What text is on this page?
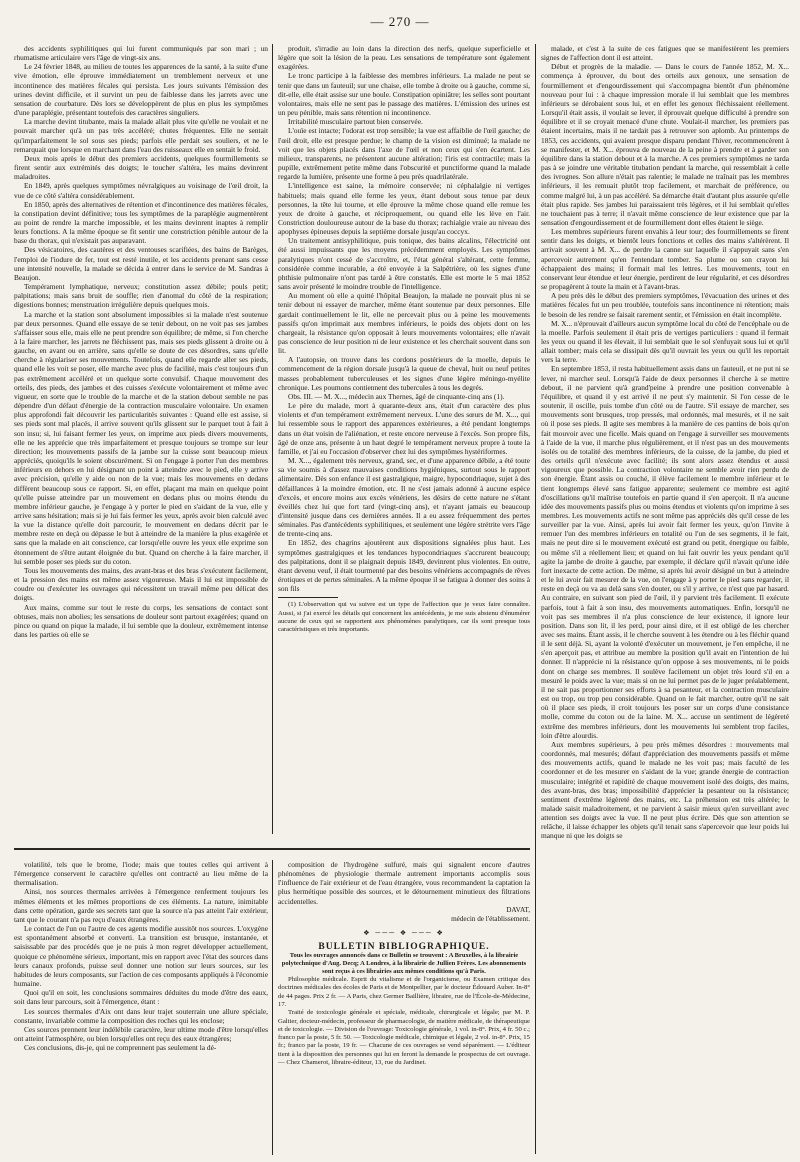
— 270 —

des accidents syphilitiques qui lui furent communiqués par son mari ; un rhumatisme articulaire vers l'âge de vingt-six ans.

Le 24 février 1848, au milieu de toutes les apparences de la santé, à la suite d'une vive émotion, elle éprouve immédiatement un tremblement nerveux et une incontinence des matières fécales qui persista. Les jours suivants l'émission des urines devint difficile, et il survint un peu de faiblesse dans les jarrets avec une sensation de courbature. Dès lors se développèrent de plus en plus les symptômes d'une paraplégie, présentant toutefois des caractères singuliers.

La marche devint titubante, mais la malade allait plus vite qu'elle ne voulait et ne pouvait marcher qu'à un pas très accéléré; chutes fréquentes. Elle ne sentait qu'imparfaitement le sol sous ses pieds; parfois elle perdait ses souliers, et ne le remarquait que lorsque en marchant dans l'eau des ruisseaux elle en sentait le froid.

Deux mois après le début des premiers accidents, quelques fourmillements se firent sentir aux extrémités des doigts; le toucher s'altéra, les mains devinrent maladroites.

En 1849, après quelques symptômes névralgiques au voisinage de l'œil droit, la vue de ce côté s'altéra considérablement.

En 1850, après des alternatives de rétention et d'incontinence des matières fécales, la constipation devint définitive; tous les symptômes de la paraplégie augmentèrent au point de rendre la marche impossible, et les mains devinrent inaptes à remplir leurs fonctions. A la même époque se fit sentir une constriction pénible autour de la base du thorax, qui n'existait pas auparavant.

Des vésicatoires, des cautères et des ventouses scarifiées, des bains de Barèges, l'emploi de l'iodure de fer, tout est resté inutile, et les accidents prenant sans cesse une intensité nouvelle, la malade se décida à entrer dans le service de M. Sandras à Beaujon.

Tempérament lymphatique, nerveux; constitution assez débile; pouls petit; palpitations; mais sans bruit de souffle; rien d'anomal du côté de la respiration; digestions bonnes; menstruation irrégulière depuis quelques mois.

La marche et la station sont absolument impossibles si la malade n'est soutenue par deux personnes. Quand elle essaye de se tenir debout, on ne voit pas ses jambes s'affaisser sous elle, mais elle ne peut prendre son équilibre; de même, si l'on cherche à la faire marcher, les jarrets ne fléchissent pas, mais ses pieds glissent à droite ou à gauche, en avant ou en arrière, sans qu'elle se doute de ces désordres, sans qu'elle cherche à régulariser ses mouvements. Toutefois, quand elle regarde aller ses pieds, quand elle les voit se poser, elle marche avec plus de facilité, mais c'est toujours d'un pas extrêmement accéléré et un quelque sorte convulsif. Chaque mouvement des orteils, des pieds, des jambes et des cuisses s'exécute volontairement et même avec vigueur, en sorte que le trouble de la marche et de la station debout semble ne pas dépendre d'un défaut d'énergie de la contraction musculaire volontaire. Un examen plus approfondi fait découvrir les particularités suivantes : Quand elle est assise, si ses pieds sont mal placés, il arrive souvent qu'ils glissent sur le parquet tout à fait à son insu; si, lui faisant fermer les yeux, on imprime aux pieds divers mouvements, elle ne les apprécie que très imparfaitement et presque toujours se trompe sur leur direction; les mouvements passifs de la jambe sur la cuisse sont beaucoup mieux appréciés, quoiqu'ils le soient obscurément. Si on l'engage à porter l'un des membres inférieurs en dehors en lui désignant un point à atteindre avec le pied, elle y arrive avec précision, qu'elle y aide ou non de la vue; mais les mouvements en dedans diffèrent beaucoup sous ce rapport. Si, en effet, plaçant ma main en quelque point qu'elle puisse atteindre par un mouvement en dedans plus ou moins étendu du membre inférieur gauche, je l'engage à y porter le pied en s'aidant de la vue, elle y arrive sans hésitation; mais si je lui fais fermer les yeux, après avoir bien calculé avec la vue la distance qu'elle doit parcourir, le mouvement en dedans décrit par le membre reste en deçà ou dépasse le but à atteindre de la manière la plus exagérée et sans que la malade en ait conscience, car lorsqu'elle ouvre les yeux elle exprime son étonnement de s'être autant éloignée du but. Quand on cherche à la faire marcher, il lui semble poser ses pieds sur du coton.

Tous les mouvements des mains, des avant-bras et des bras s'exécutent facilement, et la pression des mains est même assez vigoureuse. Mais il lui est impossible de coudre ou d'exécuter les ouvrages qui nécessitent un travail même peu délicat des doigts.

Aux mains, comme sur tout le reste du corps, les sensations de contact sont obtuses, mais non abolies; les sensations de douleur sont partout exagérées; quand on pince ou quand on pique la malade, il lui semble que la douleur, extrêmement intense dans les parties où elle se

produit, s'irradie au loin dans la direction des nerfs, quelque superficielle et légère que soit la lésion de la peau. Les sensations de température sont également exagérées.

Le tronc participe à la faiblesse des membres inférieurs. La malade ne peut se tenir que dans un fauteuil; sur une chaise, elle tombe à droite ou à gauche, comme si, dit-elle, elle était assise sur une boule. Constipation opiniâtre; les selles sont pourtant volontaires, mais elle ne sent pas le passage des matières. L'émission des urines est un peu pénible, mais sans rétention ni incontinence.

Irritabilité musculaire partout bien conservée.

L'ouïe est intacte; l'odorat est trop sensible; la vue est affaiblie de l'œil gauche; de l'œil droit, elle est presque perdue; le champ de la vision est diminué; la malade ne voit que les objets placés dans l'axe de l'œil et non ceux qui s'en écartent. Les milieux, transparents, ne présentent aucune altération; l'iris est contractile; mais la pupille, extrêmement petite même dans l'obscurité et punctiforme quand la malade regarde la lumière, présente une forme à peu près quadrilatérale.

L'intelligence est saine, la mémoire conservée; ni céphalalgie ni vertiges habituels; mais quand elle ferme les yeux, étant debout sous tenue par deux personnes, la tête lui tourne, et elle éprouve la même chose quand elle remue les yeux de droite à gauche, et réciproquement, ou quand elle les lève en l'air. Constriction douloureuse autour de la base du thorax; rachialgie vraie au niveau des apophyses épineuses depuis la septième dorsale jusqu'au coccyx.

Un traitement antisyphilitique, puis tonique, des bains alcalins, l'électricité ont été aussi impuissants que les moyens précédemment employés. Les symptômes paralytiques n'ont cessé de s'accroître, et, l'état général s'altérant, cette femme, considérée comme incurable, a été envoyée à la Salpêtrière, où les signes d'une phthisie pulmonaire n'ont pas tardé à être constatés. Elle est morte le 5 mai 1852 sans avoir présenté le moindre trouble de l'intelligence.

Au moment où elle a quitté l'hôpital Beaujon, la malade ne pouvait plus ni se tenir debout ni essayer de marcher, même étant soutenue par deux personnes. Elle gardait continuellement le lit, elle ne percevait plus ou à peine les mouvements passifs qu'on imprimait aux membres inférieurs, le poids des objets dont on les chargeait, la résistance qu'on opposait à leurs mouvements volontaires; elle n'avait pas conscience de leur position ni de leur existence et les cherchait souvent dans son lit.

A l'autopsie, on trouve dans les cordons postérieurs de la moelle, depuis le commencement de la région dorsale jusqu'à la queue de cheval, huit ou neuf petites masses probablement tuberculeuses et les signes d'une légère méningo-myélite chronique. Les poumons contiennent des tubercules à tous les degrés.

Obs. III. — M. X..., médecin aux Thernes, âgé de cinquante-cinq ans (1).

Le père du malade, mort à quarante-deux ans, était d'un caractère des plus violents et d'un tempérament extrêmement nerveux. L'une des sœurs de M. X..., qui lui ressemble sous le rapport des apparences extérieures, a été pendant longtemps dans un état voisin de l'aliénation, et reste encore nerveuse à l'excès. Son propre fils, âgé de onze ans, présente à un haut degré le tempérament nerveux propre à toute la famille, et j'ai eu l'occasion d'observer chez lui des symptômes hystériformes.

M. X..., également très nerveux, grand, sec, et d'une apparence débile, a été toute sa vie soumis à d'assez mauvaises conditions hygiéniques, surtout sous le rapport alimentaire. Dès son enfance il est gastralgique, maigre, hypocondriaque, sujet à des défaillances à la moindre émotion, etc. Il ne s'est jamais adonné à aucune espèce d'excès, et encore moins aux excès vénériens, les désirs de cette nature ne s'étant éveillés chez lui que fort tard (vingt-cinq ans), et n'ayant jamais eu beaucoup d'intensité jusque dans ces dernières années. Il a eu assez fréquemment des pertes séminales. Pas d'antécédents syphilitiques, et seulement une légère strétrite vers l'âge de trente-cinq ans.

En 1852, des chagrins ajoutèrent aux dispositions signalées plus haut. Les symptômes gastralgiques et les tendances hypocondriaques s'accrurent beaucoup; des palpitations, dont il se plaignait depuis 1849, devinrent plus violentes. En outre, étant devenu veuf, il était tourmenté par des besoins vénériens accompagnés de rêves érotiques et de pertes séminales. A la même époque il se fatigua à donner des soins à son fils

(1) L'observation qui va suivre est un type de l'affection que je veux faire connaître. Aussi, si j'ai exercé les détails qui concernent les antécédents, je me suis abstenu d'énumérer aucune de ceux qui se rapportent aux phénomènes paralytiques, car ils sont presque tous caractéristiques et très importants.

malade, et c'est à la suite de ces fatigues que se manifestèrent les premiers signes de l'affection dont il est atteint.

Début et progrès de la maladie. — Dans le cours de l'année 1852, M. X... commença à éprouver, du bout des orteils aux genoux, une sensation de fourmillement et d'engourdissement qui s'accompagna bientôt d'un phénomène nouveau pour lui : à chaque impression morale il lui semblait que les membres inférieurs se dérobaient sous lui, et en effet les genoux fléchissaient réellement. Lorsqu'il était assis, il voulait se lever, il éprouvait quelque difficulté à prendre son équilibre et il se croyait menacé d'une chute. Voulait-il marcher, les premiers pas étaient incertains, mais il ne tardait pas à retrouver son aplomb. Au printemps de 1853, ces accidents, qui avaient presque disparu pendant l'hiver, recommencèrent à se manifester, et M. X... éprouva de nouveau de la peine à prendre et à garder son équilibre dans la station debout et à la marche. A ces premiers symptômes ne tarda pas à se joindre une véritable titubation pendant la marche, qui ressemblait à celle des ivrognes. Son allure n'était pas ralentie; le malade ne traînait pas les membres inférieurs, il les remuait plutôt trop facilement, et marchait de préférence, ou comme malgré lui, à un pas accéléré. Sa démarche était d'autant plus assurée qu'elle était plus rapide. Ses jambes lui paraissaient très légères, et il lui semblait qu'elles ne touchaient pas à terre; il n'avait même conscience de leur existence que par la sensation d'engourdissement et de fourmillement dont elles étaient le siège.

Les membres supérieurs furent envahis à leur tour; des fourmillements se firent sentir dans les doigts, et bientôt leurs fonctions et celles des mains s'altérèrent. Il arrivait souvent à M. X... de perdre la canne sur laquelle il s'appuyait sans s'en apercevoir autrement qu'en l'entendant tomber. Sa plume ou son crayon lui échappaient des mains; il formait mal les lettres. Les mouvements, tout en conservant leur étendue et leur énergie, perdirent de leur régularité, et ces désordres se propagèrent à toute la main et à l'avant-bras.

A peu près dès le début des premiers symptômes, l'évacuation des urines et des matières fécales fut un peu troublée, toutefois sans incontinence ni rétention; mais le besoin de les rendre se faisait rarement sentir, et l'émission en était incomplète.

M. X... n'éprouvait d'ailleurs aucun symptôme local du côté de l'encéphale ou de la moelle. Parfois seulement il était pris de vertiges particuliers : quand il fermait les yeux ou quand il les élevait, il lui semblait que le sol s'enfuyait sous lui et qu'il allait tomber; mais cela se dissipait dès qu'il ouvrait les yeux ou qu'il les reportait vers la terre.

En septembre 1853, il resta habituellement assis dans un fauteuil, et ne put ni se lever, ni marcher seul. Lorsqu'à l'aide de deux personnes il cherche à se mettre debout, il ne parvient qu'à grand'peine à prendre une position convenable à l'équilibre, et quand il y est arrivé il ne peut s'y maintenir. Si l'on cesse de le soutenir, il oscille, puis tombe d'un côté ou de l'autre. S'il essaye de marcher, ses mouvements sont brusques, trop pressés, mal ordonnés, mal mesurés, et il ne sait où il pose ses pieds. Il agite ses membres à la manière de ces pantins de bois qu'on fait mouvoir avec une ficelle. Mais quand on l'engage à surveiller ses mouvements à l'aide de la vue, il marche plus régulièrement, et il n'est pas un des mouvements isolés ou de totalité des membres inférieurs, de la cuisse, de la jambe, du pied et des orteils qu'il n'exécute avec facilité; ils sont alors assez étendus et aussi vigoureux que possible. La contraction volontaire ne semble avoir rien perdu de son énergie. Étant assis ou couché, il élève facilement le membre inférieur et le tient longtemps élevé sans fatigue apparente; seulement ce membre est agité d'oscillations qu'il maîtrise toutefois en partie quand il s'en aperçoit. Il n'a aucune idée des mouvements passifs plus ou moins étendus et violents qu'on imprime à ses membres. Les mouvements actifs ne sont même pas appréciés dès qu'il cesse de les surveiller par la vue. Ainsi, après lui avoir fait fermer les yeux, qu'on l'invite à remuer l'un des membres inférieurs en totalité ou l'un de ses segments, il le fait, mais ne peut dire si le mouvement exécuté est grand ou petit, énergique ou faible, ou même s'il a réellement lieu; et quand on lui fait ouvrir les yeux pendant qu'il agite la jambe de droite à gauche, par exemple, il déclare qu'il n'avait qu'une idée fort inexacte de cette action. De même, si après lui avoir désigné un but à atteindre et le lui avoir fait mesurer de la vue, on l'engage à y porter le pied sans regarder, il reste en deçà ou va au delà sans s'en douter, ou s'il y arrive, ce n'est que par hasard. Au contraire, en suivant son pied de l'œil, il y parvient très facilement. Il exécute parfois, tout à fait à son insu, des mouvements automatiques. Enfin, lorsqu'il ne voit pas ses membres il n'a plus conscience de leur existence, il ignore leur position. Dans son lit, il les perd, pour ainsi dire, et il est obligé de les chercher avec ses mains. Étant assis, il le cherche souvent à les étendre ou à les fléchir quand il le sent déjà. Si, ayant la volonté d'exécuter un mouvement, je l'en empêche, il ne s'en aperçoit pas, et attribue au membre la position qu'il avait en l'intention de lui donner. Il n'apprécie ni la résistance qu'on oppose à ses mouvements, ni le poids dont on charge ses membres. Il soulève facilement un objet très lourd s'il en a mesuré le poids avec la vue; mais si on ne lui permet pas de le juger préalablement, il ne sait pas proportionner ses efforts à sa pesanteur, et la contraction musculaire est ou trop, ou trop peu considérable. Quand on le fait marcher, outre qu'il ne sait où il place ses pieds, il croit toujours les poser sur un corps d'une consistance molle, comme du coton ou de la laine. M. X... accuse un sentiment de légèreté extrême des membres inférieurs, dont les mouvements lui semblent trop faciles, loin d'être alourdis.

Aux membres supérieurs, à peu près mêmes désordres : mouvements mal coordonnés, mal mesurés; défaut d'appréciation des mouvements passifs et même des mouvements actifs, quand le malade ne les voit pas; mais faculté de les coordonner et de les mesurer en s'aidant de la vue; grande énergie de contraction musculaire; intégrité et rapidité de chaque mouvement isolé des doigts, des mains, des avant-bras, des bras; impossibilité d'apprécier la pesanteur ou la résistance; sentiment d'extrême légèreté des mains, etc. La préhension est très altérée; le malade saisit maladroitement, et ne parvient à saisir mieux qu'en surveillant avec attention ses doigts avec la vue. Il ne peut plus écrire. Dès que son attention se relâche, il laisse échapper les objets qu'il tenait sans s'apercevoir que leur poids lui manque ni que les doigts se

volatilité, tels que le brome, l'iode; mais que toutes celles qui arrivent à l'émergence conservent le caractère qu'elles ont contracté au lieu même de la thermalisation.

Ainsi, nos sources thermales arrivées à l'émergence renferment toujours les mêmes éléments et les mêmes proportions de ces éléments. La nature, inimitable dans cette opération, garde ses secrets tant que la source n'a pas atteint l'air extérieur, tant que le courant n'a pas reçu d'eaux étrangères.

Le contact de l'un ou l'autre de ces agents modifie aussitôt nos sources. L'oxygène est spontanément absorbé et converti. La transition est brusque, instantanée, et saisissable par des procédés que je ne puis à mon regret développer actuellement, quoique ce phénomène sérieux, important, mis en rapport avec l'état des sources dans leurs canaux profonds, puisse seul donner une notion sur leurs sources, sur les habitudes de leurs composants, sur l'action de ces composants appliqués à l'économie humaine.

Quoi qu'il en soit, les conclusions sommaires déduites du mode d'être des eaux, soit dans leur parcours, soit à l'émergence, étant :

Les sources thermales d'Aix ont dans leur trajet souterrain une allure spéciale, constante, invariable comme la composition des roches qui les enclose;

Ces sources prennent leur indélébile caractère, leur ultime mode d'être lorsqu'elles ont atteint l'atmosphère, ou bien lorsqu'elles ont reçu des eaux étrangères;

Ces conclusions, dis-je, qui ne comprennent pas seulement la dé-

composition de l'hydrogène sulfuré, mais qui signalent encore d'autres phénomènes de physiologie thermale autrement importants accomplis sous l'influence de l'air extérieur et de l'eau étrangère, vous recommandent la captation la plus hermétique possible des sources, et le détournement minutieux des filtrations accidentelles.

DAVAT,

médecin de l'établissement.

❖ ─── ❖ ─── ❖

BULLETIN BIBLIOGRAPHIQUE.

Tous les ouvrages annoncés dans ce Bulletin se trouvent : A Bruxelles, à la librairie polytechnique d'Aug. Decq; A Londres, à la librairie de Jullien Frères. Les abonnements sont reçus à ces librairies aux mêmes conditions qu'à Paris.

Philosophie médicale. Esprit du vitalisme et de l'organicisme, ou Examen critique des doctrines médicales des écoles de Paris et de Montpellier, par le docteur Édouard Auber. In-8° de 44 pages. Prix 2 fr. — A Paris, chez Germer Baillière, libraire, rue de l'École-de-Médecine, 17.

Traité de toxicologie générale et spéciale, médicale, chirurgicale et légale; par M. P. Galtier, docteur-médecin, professeur de pharmacologie, de matière médicale, de thérapeutique et de toxicologie. — Division de l'ouvrage: Toxicologie générale, 1 vol. in-8°. Prix, 4 fr. 50 c.; franco par la poste, 5 fr. 50. — Toxicologie médicale, chimique et légale, 2 vol. in-8°. Prix, 15 fr.; franco par la poste, 19 fr. — Chacune de ces ouvrages se vend séparément. — L'éditeur tient à la disposition des personnes qui lui en feront la demande le prospectus de cet ouvrage. — Chez Chamerot, libraire-éditeur, 13, rue du Jardinet.
